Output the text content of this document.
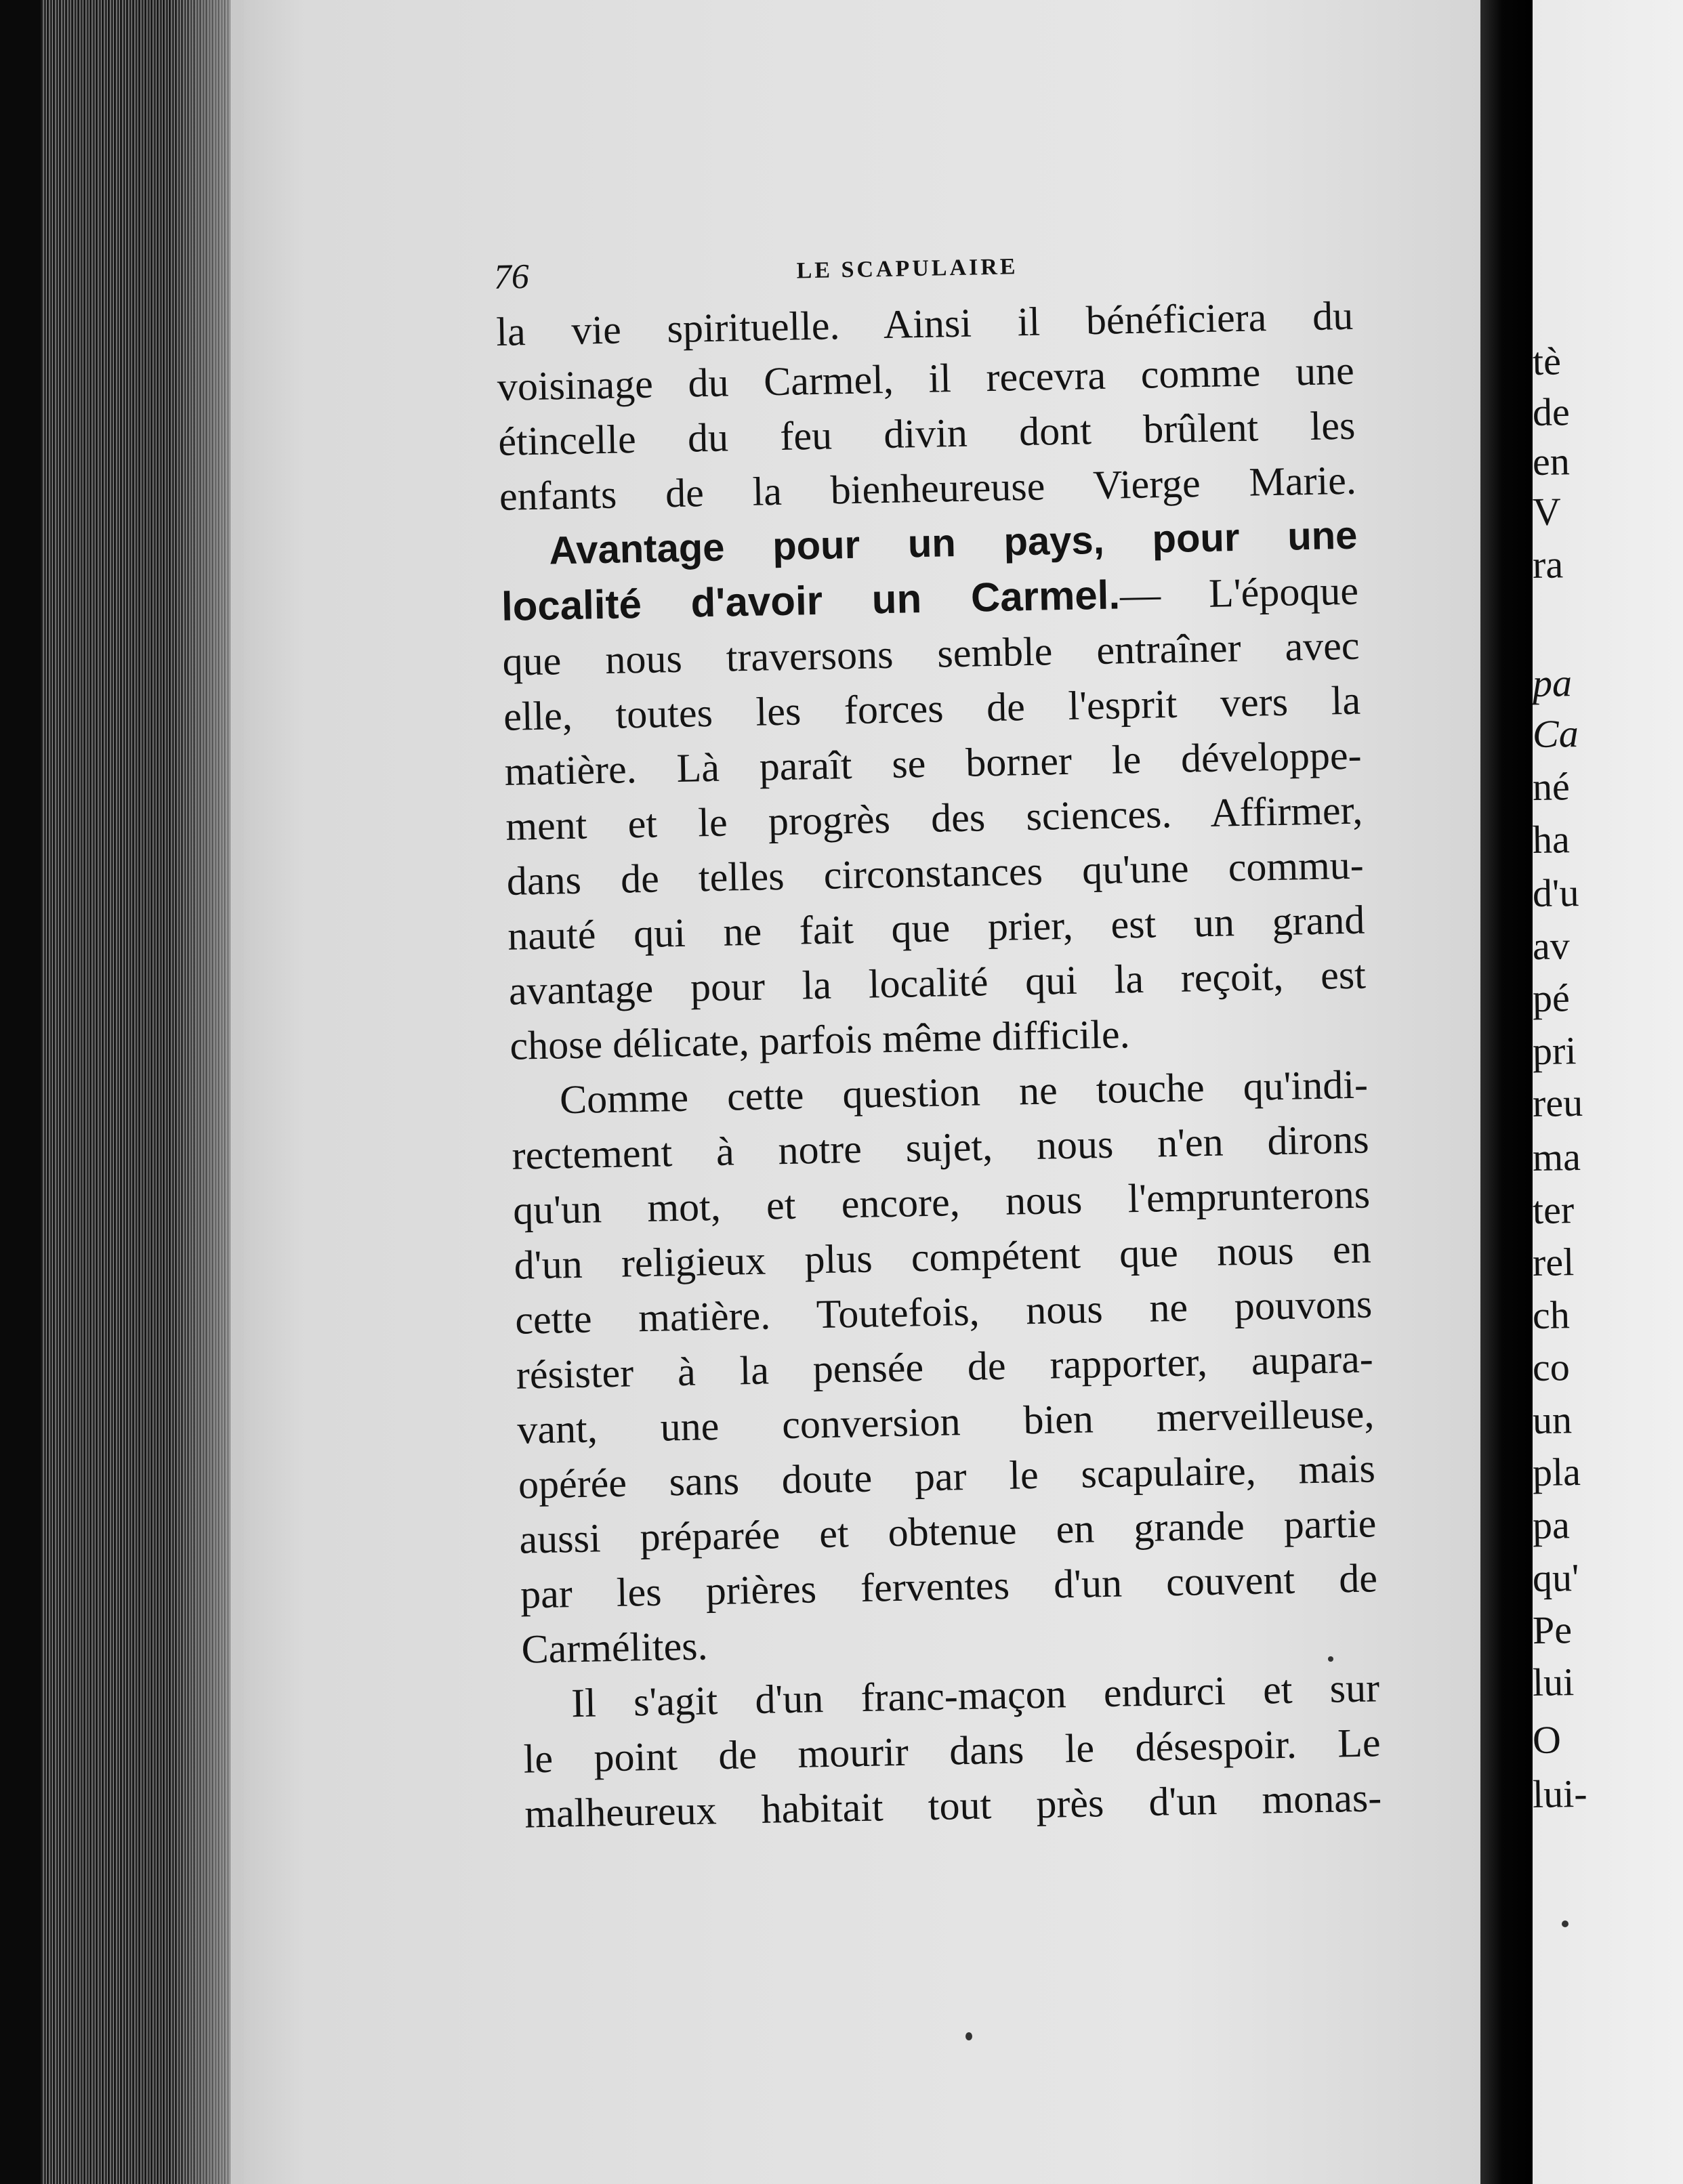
tè
de
en
V
ra
pa
Ca
né
ha
d'u
av
pé
pri
reu
ma
ter
rel
ch
co
un
pla
pa
qu'
Pe
lui
O
lui-
76	LE SCAPULAIRE
la vie spirituelle. Ainsi il bénéficiera du
voisinage du Carmel, il recevra comme une
étincelle du feu divin dont brûlent les
enfants de la bienheureuse Vierge Marie.
Avantage pour un pays, pour une
localité d'avoir un Carmel.— L'époque
que nous traversons semble entraîner avec
elle, toutes les forces de l'esprit vers la
matière. Là paraît se borner le développe-
ment et le progrès des sciences. Affirmer,
dans de telles circonstances qu'une commu-
nauté qui ne fait que prier, est un grand
avantage pour la localité qui la reçoit, est
chose délicate, parfois même difficile.
Comme cette question ne touche qu'indi-
rectement à notre sujet, nous n'en dirons
qu'un mot, et encore, nous l'emprunterons
d'un religieux plus compétent que nous en
cette matière. Toutefois, nous ne pouvons
résister à la pensée de rapporter, aupara-
vant, une conversion bien merveilleuse,
opérée sans doute par le scapulaire, mais
aussi préparée et obtenue en grande partie
par les prières ferventes d'un couvent de
Carmélites.
Il s'agit d'un franc-maçon endurci et sur
le point de mourir dans le désespoir. Le
malheureux habitait tout près d'un monas-
